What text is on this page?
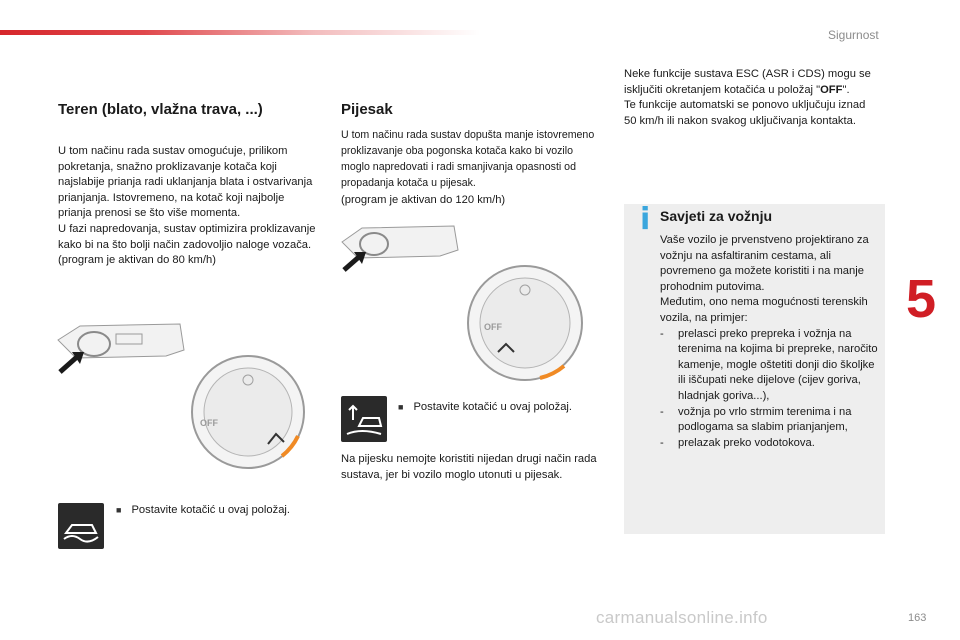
Sigurnost
5
Teren (blato, vlažna trava, ...)

U tom načinu rada sustav omogućuje, prilikom pokretanja, snažno proklizavanje kotača koji najslabije prianja radi uklanjanja blata i ostvarivanja prianjanja. Istovremeno, na kotač koji najbolje prianja prenosi se što više momenta.

U fazi napredovanja, sustav optimizira proklizavanje kako bi na što bolji način zadovoljio naloge vozača.

(program je aktivan do 80 km/h)

OFF
■ Postavite kotačić u ovaj položaj.
Pijesak
U tom načinu rada sustav dopušta manje istovremeno proklizavanje oba pogonska kotača kako bi vozilo moglo napredovati i radi smanjivanja opasnosti od propadanja kotača u pijesak.
(program je aktivan do 120 km/h)
OFF
■ Postavite kotačić u ovaj položaj.
Na pijesku nemojte koristiti nijedan drugi način rada sustava, jer bi vozilo moglo utonuti u pijesak.

Neke funkcije sustava ESC (ASR i CDS) mogu se isključiti okretanjem kotačića u položaj "OFF".

Te funkcije automatski se ponovo uključuju iznad 50 km/h ili nakon svakog uključivanja kontakta.

i Savjeti za vožnju

Vaše vozilo je prvenstveno projektirano za vožnju na asfaltiranim cestama, ali povremeno ga možete koristiti i na manje prohodnim putovima.

Međutim, ono nema mogućnosti terenskih vozila, na primjer:

- prelasci preko prepreka i vožnja na terenima na kojima bi prepreke, naročito kamenje, mogle oštetiti donji dio školjke ili iščupati neke dijelove (cijev goriva, hladnjak goriva...),
- vožnja po vrlo strmim terenima i na podlogama sa slabim prianjanjem,
- prelazak preko vodotokova.
163
carmanualsonline.info
